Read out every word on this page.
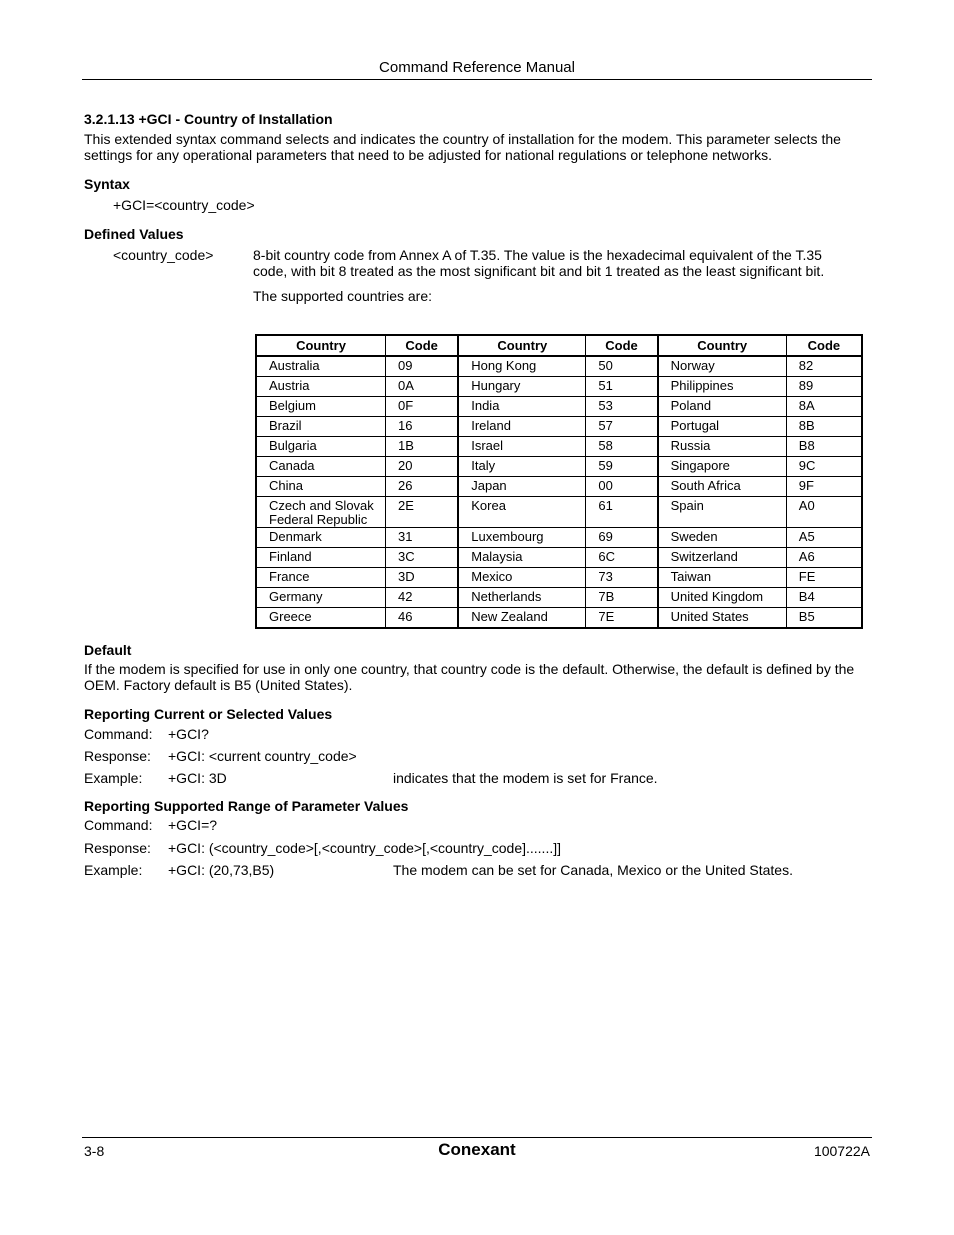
Command Reference Manual
3.2.1.13 +GCI - Country of Installation
This extended syntax command selects and indicates the country of installation for the modem. This parameter selects the settings for any operational parameters that need to be adjusted for national regulations or telephone networks.
Syntax
+GCI=<country_code>
Defined Values
<country_code>	8-bit country code from Annex A of T.35. The value is the hexadecimal equivalent of the T.35 code, with bit 8 treated as the most significant bit and bit 1 treated as the least significant bit.
The supported countries are:
Country	Code	Country	Code	Country	Code
Australia	09	Hong Kong	50	Norway	82
Austria	0A	Hungary	51	Philippines	89
Belgium	0F	India	53	Poland	8A
Brazil	16	Ireland	57	Portugal	8B
Bulgaria	1B	Israel	58	Russia	B8
Canada	20	Italy	59	Singapore	9C
China	26	Japan	00	South Africa	9F
Czech and Slovak Federal Republic	2E	Korea	61	Spain	A0
Denmark	31	Luxembourg	69	Sweden	A5
Finland	3C	Malaysia	6C	Switzerland	A6
France	3D	Mexico	73	Taiwan	FE
Germany	42	Netherlands	7B	United Kingdom	B4
Greece	46	New Zealand	7E	United States	B5
Default
If the modem is specified for use in only one country, that country code is the default. Otherwise, the default is defined by the OEM. Factory default is B5 (United States).
Reporting Current or Selected Values
Command: +GCI?
Response: +GCI: <current country_code>
Example: +GCI: 3D	indicates that the modem is set for France.
Reporting Supported Range of Parameter Values
Command: +GCI=?
Response: +GCI: (<country_code>[,<country_code>[,<country_code].......]]
Example: +GCI: (20,73,B5)	The modem can be set for Canada, Mexico or the United States.
3-8	Conexant	100722A
